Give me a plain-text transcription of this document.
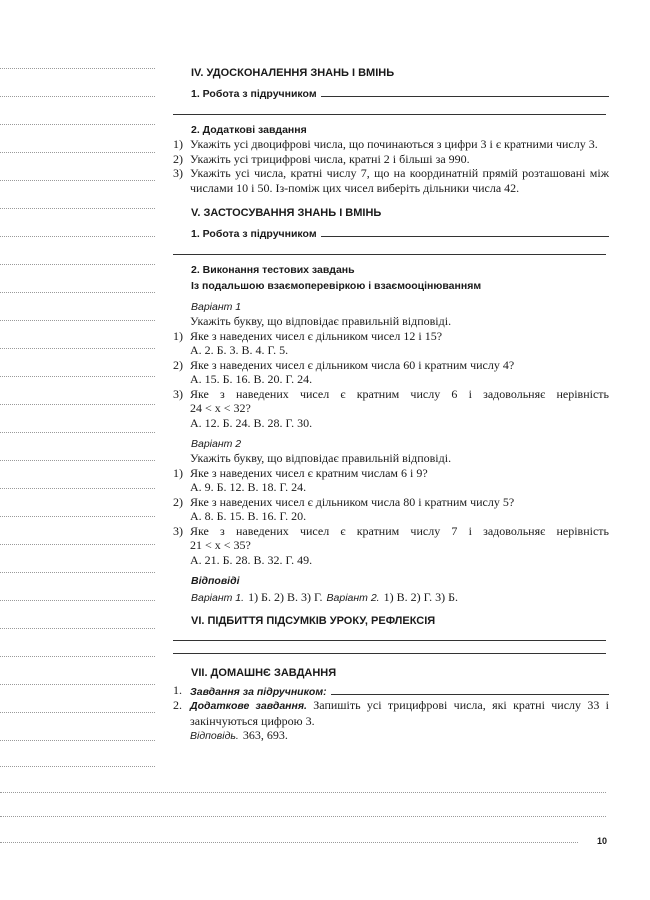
IV. УДОСКОНАЛЕННЯ ЗНАНЬ І ВМІНЬ
1. Робота з підручником
2. Додаткові завдання
1) Укажіть усі двоцифрові числа, що починаються з цифри 3 і є кратними числу 3.
2) Укажіть усі трицифрові числа, кратні 2 і більші за 990.
3) Укажіть усі числа, кратні числу 7, що на координатній прямій розташовані між числами 10 і 50. Із-поміж цих чисел виберіть дільники числа 42.
V. ЗАСТОСУВАННЯ ЗНАНЬ І ВМІНЬ
1. Робота з підручником
2. Виконання тестових завдань
Із подальшою взаємоперевіркою і взаємооцінюванням
Варіант 1
Укажіть букву, що відповідає правильній відповіді.
1) Яке з наведених чисел є дільником чисел 12 і 15?
А. 2. Б. 3. В. 4. Г. 5.
2) Яке з наведених чисел є дільником числа 60 і кратним числу 4?
А. 15. Б. 16. В. 20. Г. 24.
3) Яке з наведених чисел є кратним числу 6 і задовольняє нерівність
24 < x < 32?
А. 12. Б. 24. В. 28. Г. 30.
Варіант 2
Укажіть букву, що відповідає правильній відповіді.
1) Яке з наведених чисел є кратним числам 6 і 9?
А. 9. Б. 12. В. 18. Г. 24.
2) Яке з наведених чисел є дільником числа 80 і кратним числу 5?
А. 8. Б. 15. В. 16. Г. 20.
3) Яке з наведених чисел є кратним числу 7 і задовольняє нерівність
21 < x < 35?
А. 21. Б. 28. В. 32. Г. 49.
Відповіді
Варіант 1. 1) Б. 2) В. 3) Г. Варіант 2. 1) В. 2) Г. 3) Б.
VI. ПІДБИТТЯ ПІДСУМКІВ УРОКУ, РЕФЛЕКСІЯ
VII. ДОМАШНЄ ЗАВДАННЯ
1. Завдання за підручником:
2. Додаткове завдання. Запишіть усі трицифрові числа, які кратні числу 33 і закінчуються цифрою 3.
Відповідь. 363, 693.
10
